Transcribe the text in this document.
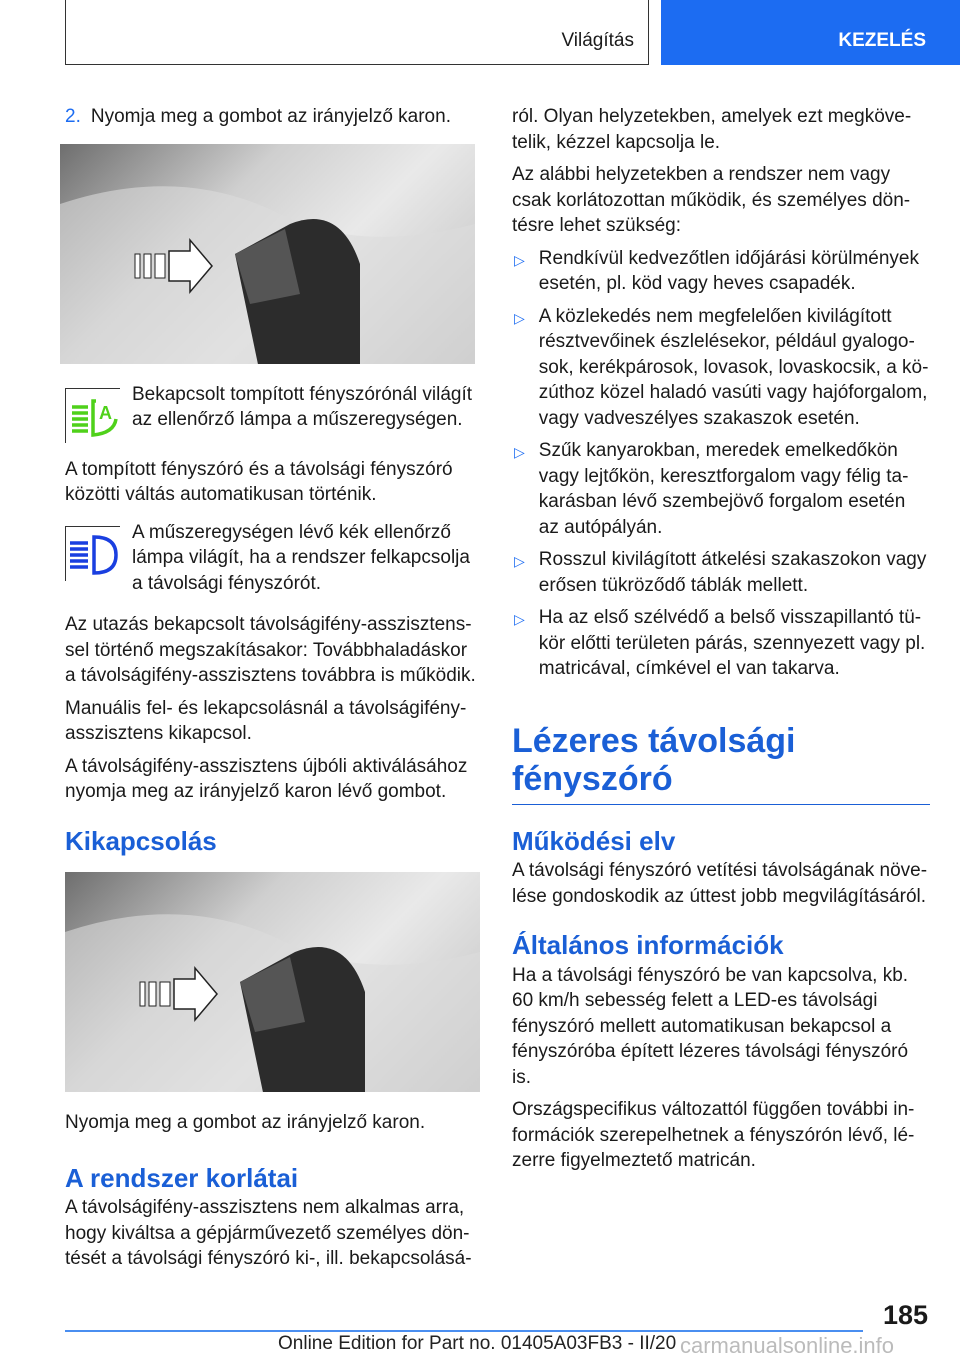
Világítás	KEZELÉS
2. Nyomja meg a gombot az irányjelző karon.
A
Bekapcsolt tompított fényszórónál világít az ellenőrző lámpa a műszeregységen.

A tompított fényszóró és a távolsági fényszóró közötti váltás automatikusan történik.

A műszeregységen lévő kék ellenőrző lámpa világít, ha a rendszer felkapcsolja a távolsági fényszórót.

Az utazás bekapcsolt távolságifény-asszisztens-sel történő megszakításakor: Továbbhaladáskor a távolságifény-asszisztens továbbra is működik.

Manuális fel- és lekapcsolásnál a távolságifény-asszisztens kikapcsol.

A távolságifény-asszisztens újbóli aktiválásához nyomja meg az irányjelző karon lévő gombot.

Kikapcsolás

Nyomja meg a gombot az irányjelző karon.

A rendszer korlátai

A távolságifény-asszisztens nem alkalmas arra, hogy kiváltsa a gépjárművezető személyes dön-tését a távolsági fényszóró ki-, ill. bekapcsolásá-

ról. Olyan helyzetekben, amelyek ezt megköve-telik, kézzel kapcsolja le.

Az alábbi helyzetekben a rendszer nem vagy csak korlátozottan működik, és személyes dön-tésre lehet szükség:

▷ Rendkívül kedvezőtlen időjárási körülmények esetén, pl. köd vagy heves csapadék.
▷ A közlekedés nem megfelelően kivilágított résztvevőinek észlelésekor, például gyalogo-sok, kerékpárosok, lovasok, lovaskocsik, a kö-zúthoz közel haladó vasúti vagy hajóforgalom, vagy vadveszélyes szakaszok esetén.
▷ Szűk kanyarokban, meredek emelkedőkön vagy lejtőkön, keresztforgalom vagy félig ta-karásban lévő szembejövő forgalom esetén az autópályán.
▷ Rosszul kivilágított átkelési szakaszokon vagy erősen tükröződő táblák mellett.
▷ Ha az első szélvédő a belső visszapillantó tü-kör előtti területen párás, szennyezett vagy pl. matricával, címkével el van takarva.
Lézeres távolsági fényszóró
Működési elv

A távolsági fényszóró vetítési távolságának növe-lése gondoskodik az úttest jobb megvilágításáról.

Általános információk

Ha a távolsági fényszóró be van kapcsolva, kb. 60 km/h sebesség felett a LED-es távolsági fényszóró mellett automatikusan bekapcsol a fényszóróba épített lézeres távolsági fényszóró is.

Országspecifikus változattól függően további in-formációk szerepelhetnek a fényszórón lévő, lé-zerre figyelmeztető matricán.

185
Online Edition for Part no. 01405A03FB3 - II/20 carmanualsonline.info
